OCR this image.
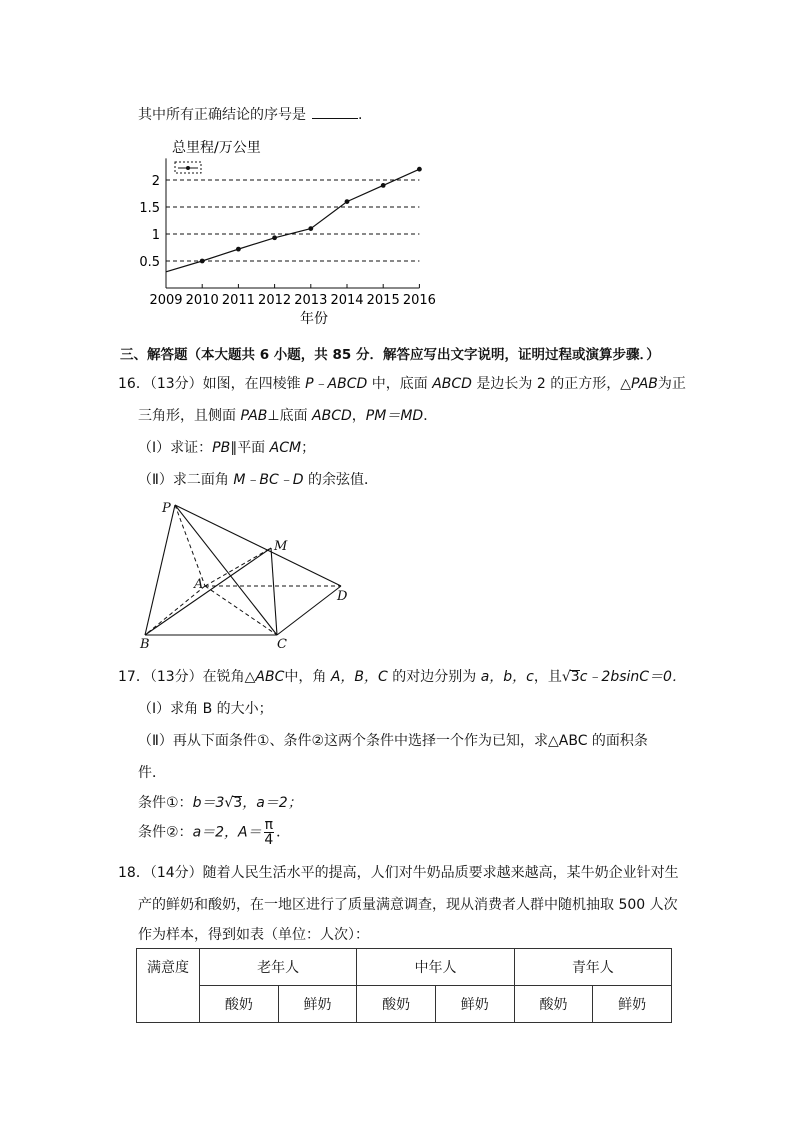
其中所有正确结论的序号是	.
总里程/万公里
0.5
1
1.5
2
2009 2010 2011 2012 2013 2014 2015 2016
年份
三、解答题（本大题共 6 小题，共 85 分．解答应写出文字说明，证明过程或演算步骤．）
16．（13分）如图，在四棱锥 P﹣ABCD 中，底面 ABCD 是边长为 2 的正方形，△PAB为正
三角形，且侧面 PAB⊥底面 ABCD，PM＝MD．
（Ⅰ）求证：PB∥平面 ACM；
（Ⅱ）求二面角 M﹣BC﹣D 的余弦值．
P
M
A
D
B	C
17．（13分）在锐角△ABC中，角 A，B，C 的对边分别为 a，b，c，且√3c﹣2bsinC＝0．
（Ⅰ）求角 B 的大小；
（Ⅱ）再从下面条件①、条件②这两个条件中选择一个作为已知，求△ABC 的面积条
件．
条件①：b＝3√3，a＝2；
条件②：a＝2，$A= \frac{\pi}{4}$ ．
18．（14分）随着人民生活水平的提高，人们对牛奶品质要求越来越高，某牛奶企业针对生
产的鲜奶和酸奶，在一地区进行了质量满意调查，现从消费者人群中随机抽取 500 人次
作为样本，得到如表（单位：人次）：
满意度	老年人		中年人		青年人	
	酸奶	鲜奶	酸奶	鲜奶	酸奶	鲜奶
